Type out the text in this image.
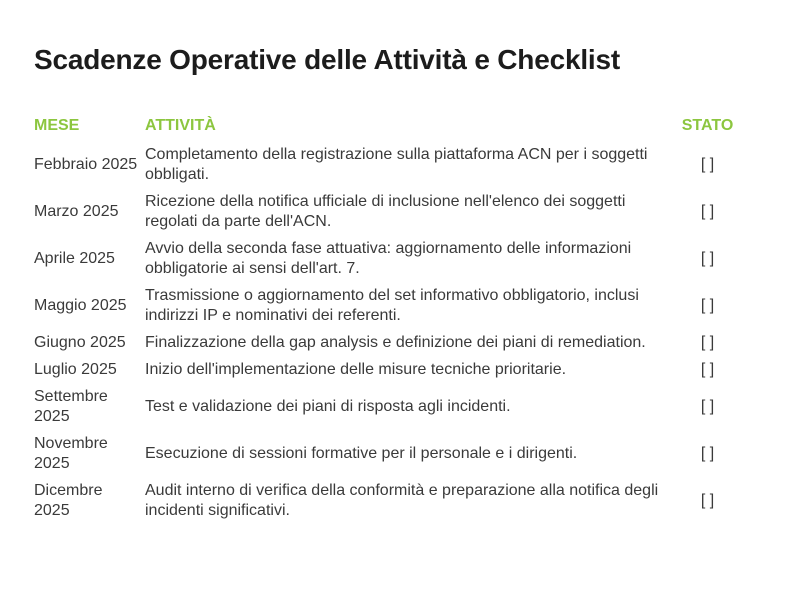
Scadenze Operative delle Attività e Checklist
MESE	ATTIVITÀ	STATO
Febbraio 2025	Completamento della registrazione sulla piattaforma ACN per i soggetti obbligati.	[ ]
Marzo 2025	Ricezione della notifica ufficiale di inclusione nell'elenco dei soggetti regolati da parte dell'ACN.	[ ]
Aprile 2025	Avvio della seconda fase attuativa: aggiornamento delle informazioni obbligatorie ai sensi dell'art. 7.	[ ]
Maggio 2025	Trasmissione o aggiornamento del set informativo obbligatorio, inclusi indirizzi IP e nominativi dei referenti.	[ ]
Giugno 2025	Finalizzazione della gap analysis e definizione dei piani di remediation.	[ ]
Luglio 2025	Inizio dell'implementazione delle misure tecniche prioritarie.	[ ]
Settembre 2025	Test e validazione dei piani di risposta agli incidenti.	[ ]
Novembre 2025	Esecuzione di sessioni formative per il personale e i dirigenti.	[ ]
Dicembre 2025	Audit interno di verifica della conformità e preparazione alla notifica degli incidenti significativi.	[ ]
